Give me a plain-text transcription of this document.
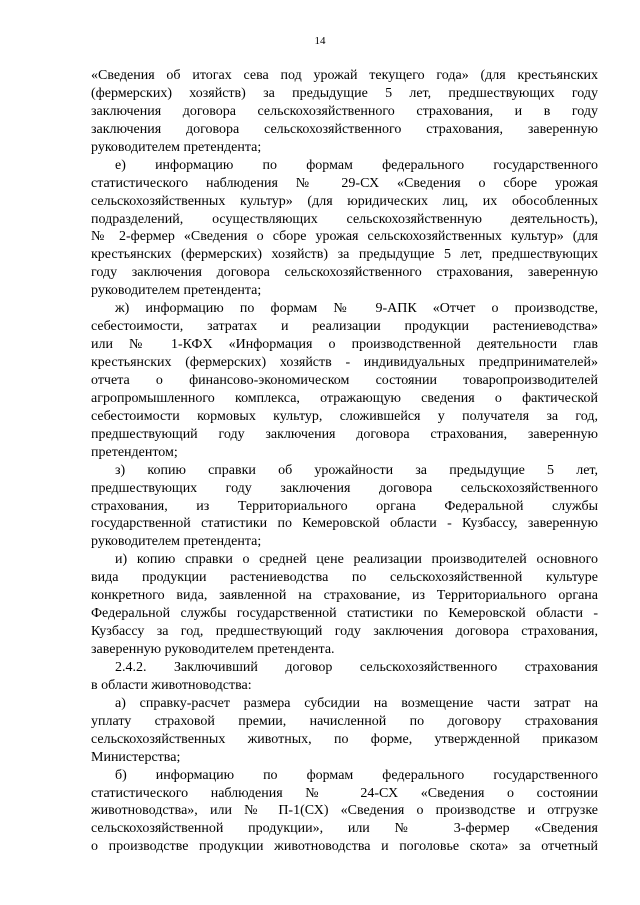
14
«Сведения об итогах сева под урожай текущего года» (для крестьянских
(фермерских) хозяйств) за предыдущие 5 лет, предшествующих году
заключения договора сельскохозяйственного страхования, и в году
заключения договора сельскохозяйственного страхования, заверенную
руководителем претендента;
е) информацию по формам федерального государственного
статистического наблюдения № 29-СХ «Сведения о сборе урожая
сельскохозяйственных культур» (для юридических лиц, их обособленных
подразделений, осуществляющих сельскохозяйственную деятельность),
№ 2-фермер «Сведения о сборе урожая сельскохозяйственных культур» (для
крестьянских (фермерских) хозяйств) за предыдущие 5 лет, предшествующих
году заключения договора сельскохозяйственного страхования, заверенную
руководителем претендента;
ж) информацию по формам № 9-АПК «Отчет о производстве,
себестоимости, затратах и реализации продукции растениеводства»
или № 1-КФХ «Информация о производственной деятельности глав
крестьянских (фермерских) хозяйств - индивидуальных предпринимателей»
отчета о финансово-экономическом состоянии товаропроизводителей
агропромышленного комплекса, отражающую сведения о фактической
себестоимости кормовых культур, сложившейся у получателя за год,
предшествующий году заключения договора страхования, заверенную
претендентом;
з) копию справки об урожайности за предыдущие 5 лет,
предшествующих году заключения договора сельскохозяйственного
страхования, из Территориального органа Федеральной службы
государственной статистики по Кемеровской области - Кузбассу, заверенную
руководителем претендента;
и) копию справки о средней цене реализации производителей основного
вида продукции растениеводства по сельскохозяйственной культуре
конкретного вида, заявленной на страхование, из Территориального органа
Федеральной службы государственной статистики по Кемеровской области -
Кузбассу за год, предшествующий году заключения договора страхования,
заверенную руководителем претендента.
2.4.2. Заключивший договор сельскохозяйственного страхования
в области животноводства:
а) справку-расчет размера субсидии на возмещение части затрат на
уплату страховой премии, начисленной по договору страхования
сельскохозяйственных животных, по форме, утвержденной приказом
Министерства;
б) информацию по формам федерального государственного
статистического наблюдения № 24-СХ «Сведения о состоянии
животноводства», или № П-1(СХ) «Сведения о производстве и отгрузке
сельскохозяйственной продукции», или № 3-фермер «Сведения
о производстве продукции животноводства и поголовье скота» за отчетный
